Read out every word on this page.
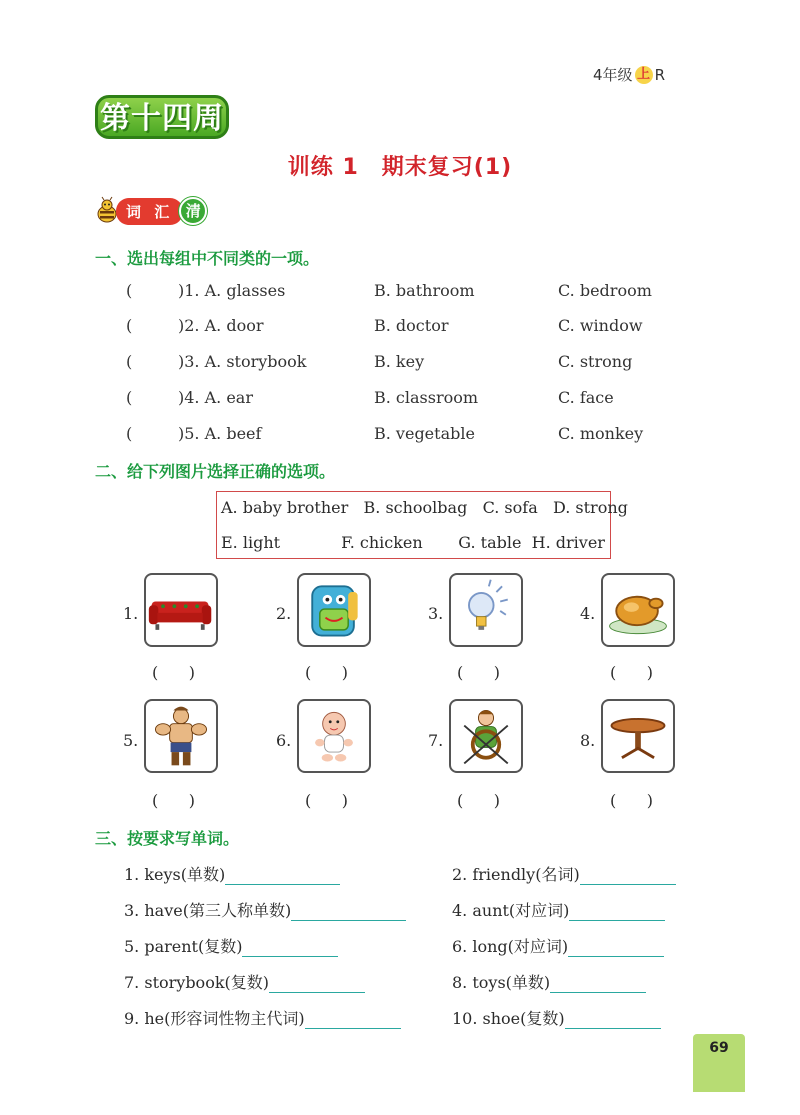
4年级 上 R
第十四周
训练 1　期末复习(1)
词 汇 清
一、选出每组中不同类的一项。
(	)1. A. glasses	B. bathroom	C. bedroom
(	)2. A. door	B. doctor	C. window
(	)3. A. storybook	B. key	C. strong
(	)4. A. ear	B. classroom	C. face
(	)5. A. beef	B. vegetable	C. monkey
二、给下列图片选择正确的选项。
A. baby brother   B. schoolbag   C. sofa   D. strong
E. light            F. chicken       G. table  H. driver
1.
(      )
2.
(      )
3.
(      )
4.
(      )
5.
(      )
6.
(      )
7.
(      )
8.
(      )
三、按要求写单词。
1. keys(单数)	2. friendly(名词)
3. have(第三人称单数)	4. aunt(对应词)
5. parent(复数)	6. long(对应词)
7. storybook(复数)	8. toys(单数)
9. he(形容词性物主代词)	10. shoe(复数)
69
